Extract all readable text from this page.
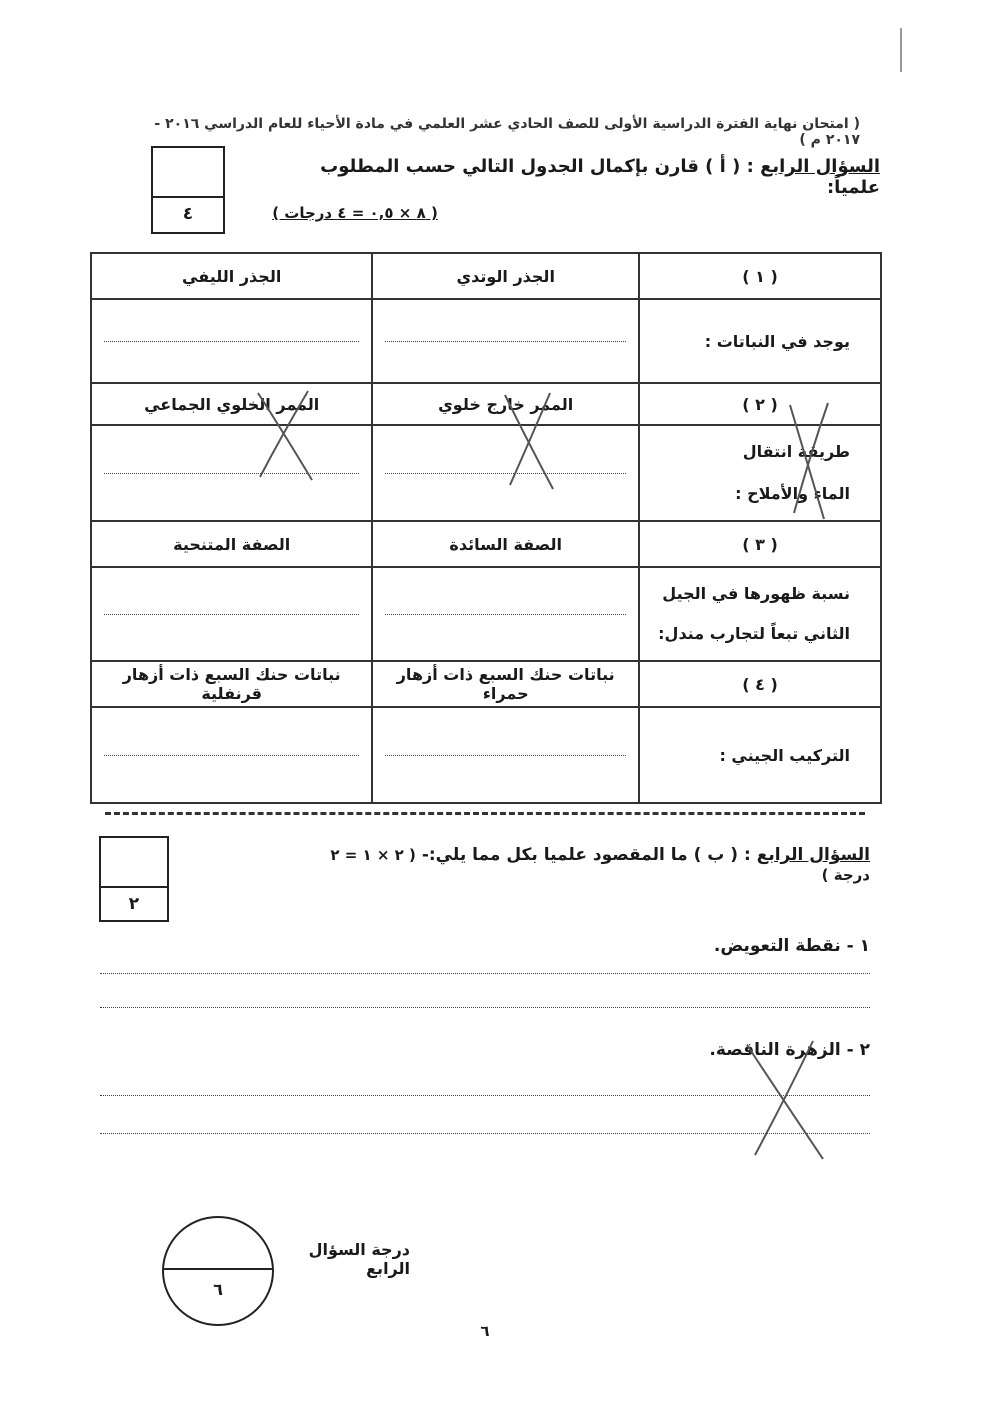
( امتحان نهاية الفترة الدراسية الأولى للصف الحادي عشر العلمي في مادة الأحياء للعام الدراسي ٢٠١٦ - ٢٠١٧ م )
السؤال الرابع : ( أ ) قارن بإكمال الجدول التالي حسب المطلوب علمياً:
٤	( ٨ × ٠,٥ = ٤ درجات )
( ١ )	الجذر الوتدي	الجذر الليفي
يوجد في النباتات :	

( ٢ )	الممر خارج خلوي	الممر الخلوي الجماعي

طريقة انتقال
الماء والأملاح :		

( ٣ )	الصفة السائدة	الصفة المتنحية

نسبة ظهورها في الجيل
الثاني تبعاً لتجارب مندل:		

( ٤ )	نباتات حنك السبع ذات أزهار حمراء	نباتات حنك السبع ذات أزهار قرنفلية
التركيب الجيني :	

السؤال الرابع : ( ب ) ما المقصود علميا بكل مما يلي:- ( ٢ × ١ = ٢ درجة )
٢
١ - نقطة التعويض.
٢ - الزهرة الناقصة.
درجة السؤال الرابع
٦
٦
